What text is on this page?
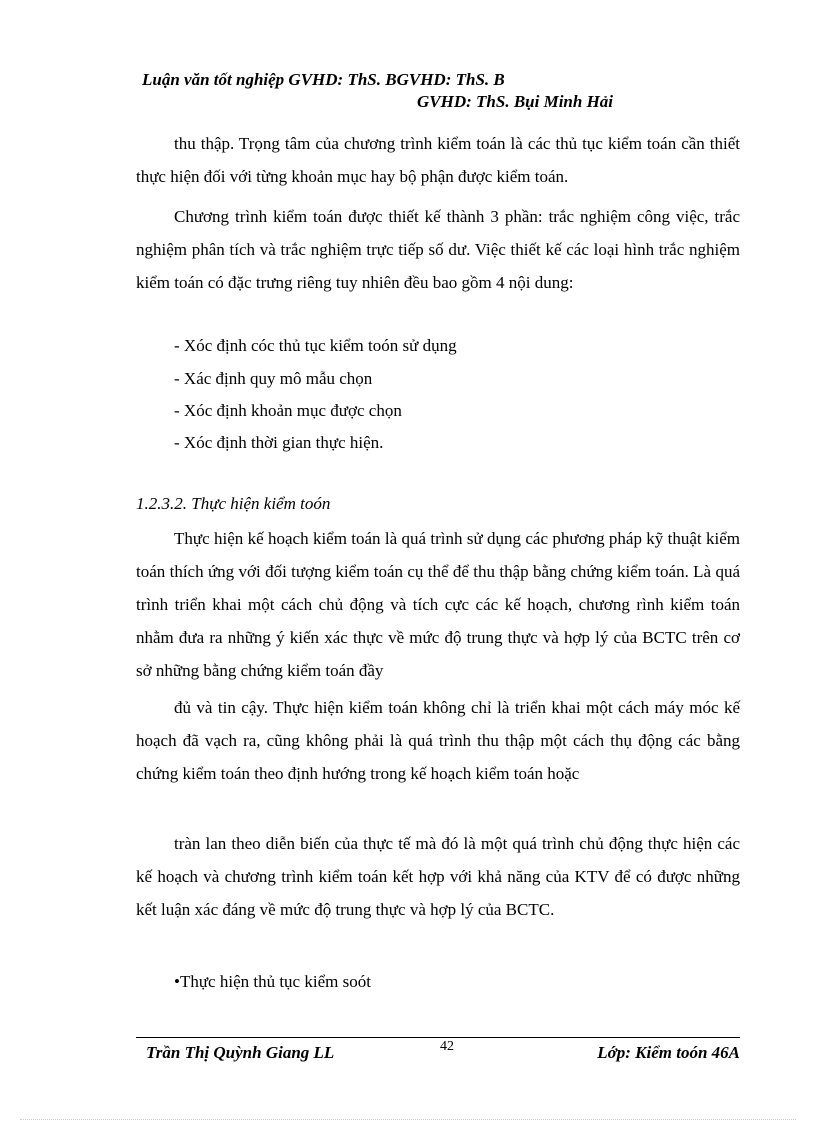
Luận văn tốt nghiệp GVHD: ThS. BGVHD: ThS. B
GVHD: ThS. Bụi Minh Hải

thu thập. Trọng tâm của chương trình kiểm toán là các thủ tục kiểm toán cần thiết thực hiện đối với từng khoản mục hay bộ phận được kiểm toán.

Chương trình kiểm toán được thiết kế thành 3 phần: trắc nghiệm công việc, trắc nghiệm phân tích và trắc nghiệm trực tiếp số dư. Việc thiết kế các loại hình trắc nghiệm kiểm toán có đặc trưng riêng tuy nhiên đều bao gồm 4 nội dung:

- Xóc định cóc thủ tục kiểm toón sử dụng
- Xác định quy mô mẫu chọn
- Xóc định khoản mục được chọn
- Xóc định thời gian thực hiện.
1.2.3.2. Thực hiện kiểm toón

Thực hiện kế hoạch kiểm toán là quá trình sử dụng các phương pháp kỹ thuật kiểm toán thích ứng với đối tượng kiểm toán cụ thể để thu thập bằng chứng kiểm toán. Là quá trình triển khai một cách chủ động và tích cực các kế hoạch, chương rình kiểm toán nhằm đưa ra những ý kiến xác thực về mức độ trung thực và hợp lý của BCTC trên cơ sở những bằng chứng kiểm toán đầy

đủ và tin cậy. Thực hiện kiểm toán không chỉ là triển khai một cách máy móc kế hoạch đã vạch ra, cũng không phải là quá trình thu thập một cách thụ động các bằng chứng kiểm toán theo định hướng trong kế hoạch kiểm toán hoặc

tràn lan theo diễn biến của thực tế mà đó là một quá trình chủ động thực hiện các kế hoạch và chương trình kiểm toán kết hợp với khả năng của KTV để có được những kết luận xác đáng về mức độ trung thực và hợp lý của BCTC.

•Thực hiện thủ tục kiểm soót
Trần Thị Quỳnh Giang LL	42	Lớp: Kiểm toón 46A
